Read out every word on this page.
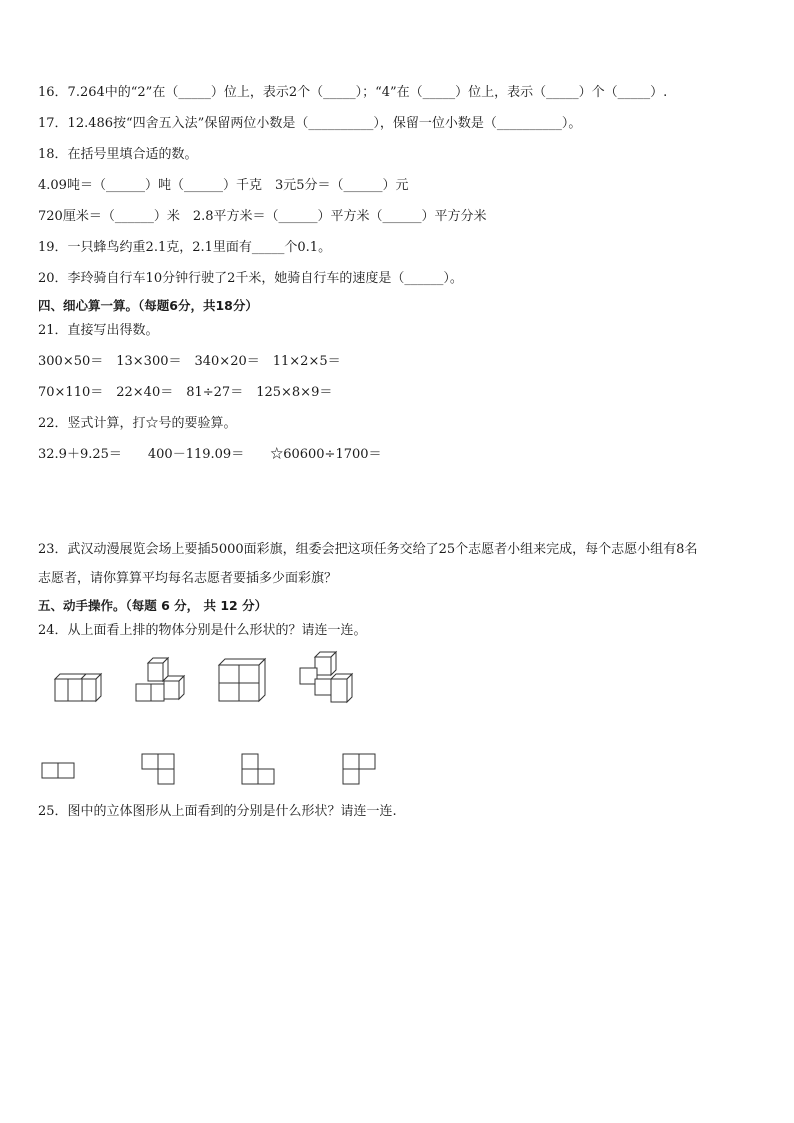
16．7.264中的“2”在（_____）位上，表示2个（_____）；“4”在（_____）位上，表示（_____）个（_____）.
17．12.486按“四舍五入法”保留两位小数是（__________），保留一位小数是（__________）。
18．在括号里填合适的数。
4.09吨＝（______）吨（______）千克　3元5分＝（______）元
720厘米＝（______）米　2.8平方米＝（______）平方米（______）平方分米
19．一只蜂鸟约重2.1克，2.1里面有_____个0.1。
20．李玲骑自行车10分钟行驶了2千米，她骑自行车的速度是（______）。
四、细心算一算。（每题6分，共18分）
21．直接写出得数。
300×50＝　13×300＝　340×20＝　11×2×5＝
70×110＝　22×40＝　81÷27＝　125×8×9＝
22．竖式计算，打☆号的要验算。
32.9＋9.25＝　　400－119.09＝　　☆60600÷1700＝
23．武汉动漫展览会场上要插5000面彩旗，组委会把这项任务交给了25个志愿者小组来完成，每个志愿小组有8名
志愿者，请你算算平均每名志愿者要插多少面彩旗？
五、动手操作。（每题 6 分， 共 12 分）
24．从上面看上排的物体分别是什么形状的？请连一连。
25．图中的立体图形从上面看到的分别是什么形状？请连一连.
